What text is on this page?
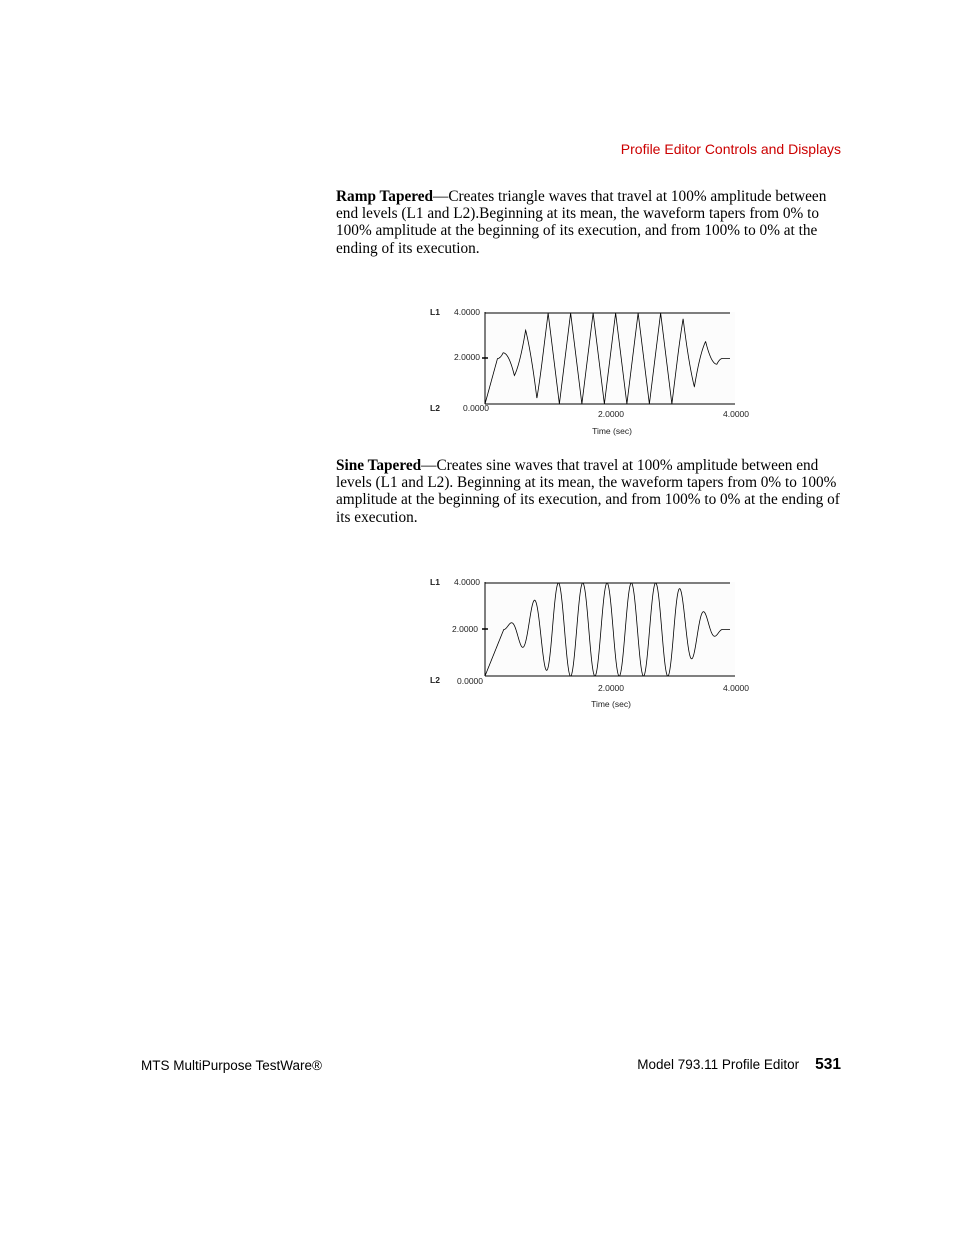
Profile Editor Controls and Displays

Ramp Tapered—Creates triangle waves that travel at 100% amplitude between end levels (L1 and L2).Beginning at its mean, the waveform tapers from 0% to 100% amplitude at the beginning of its execution, and from 100% to 0% at the ending of its execution.

L1
L2
4.0000
2.0000
0.0000
2.0000	4.0000
Time (sec)

Sine Tapered—Creates sine waves that travel at 100% amplitude between end levels (L1 and L2). Beginning at its mean, the waveform tapers from 0% to 100% amplitude at the beginning of its execution, and from 100% to 0% at the ending of its execution.

L1
L2
4.0000
2.0000
0.0000
2.0000	4.0000
Time (sec)
MTS MultiPurpose TestWare®	Model 793.11 Profile Editor 531
